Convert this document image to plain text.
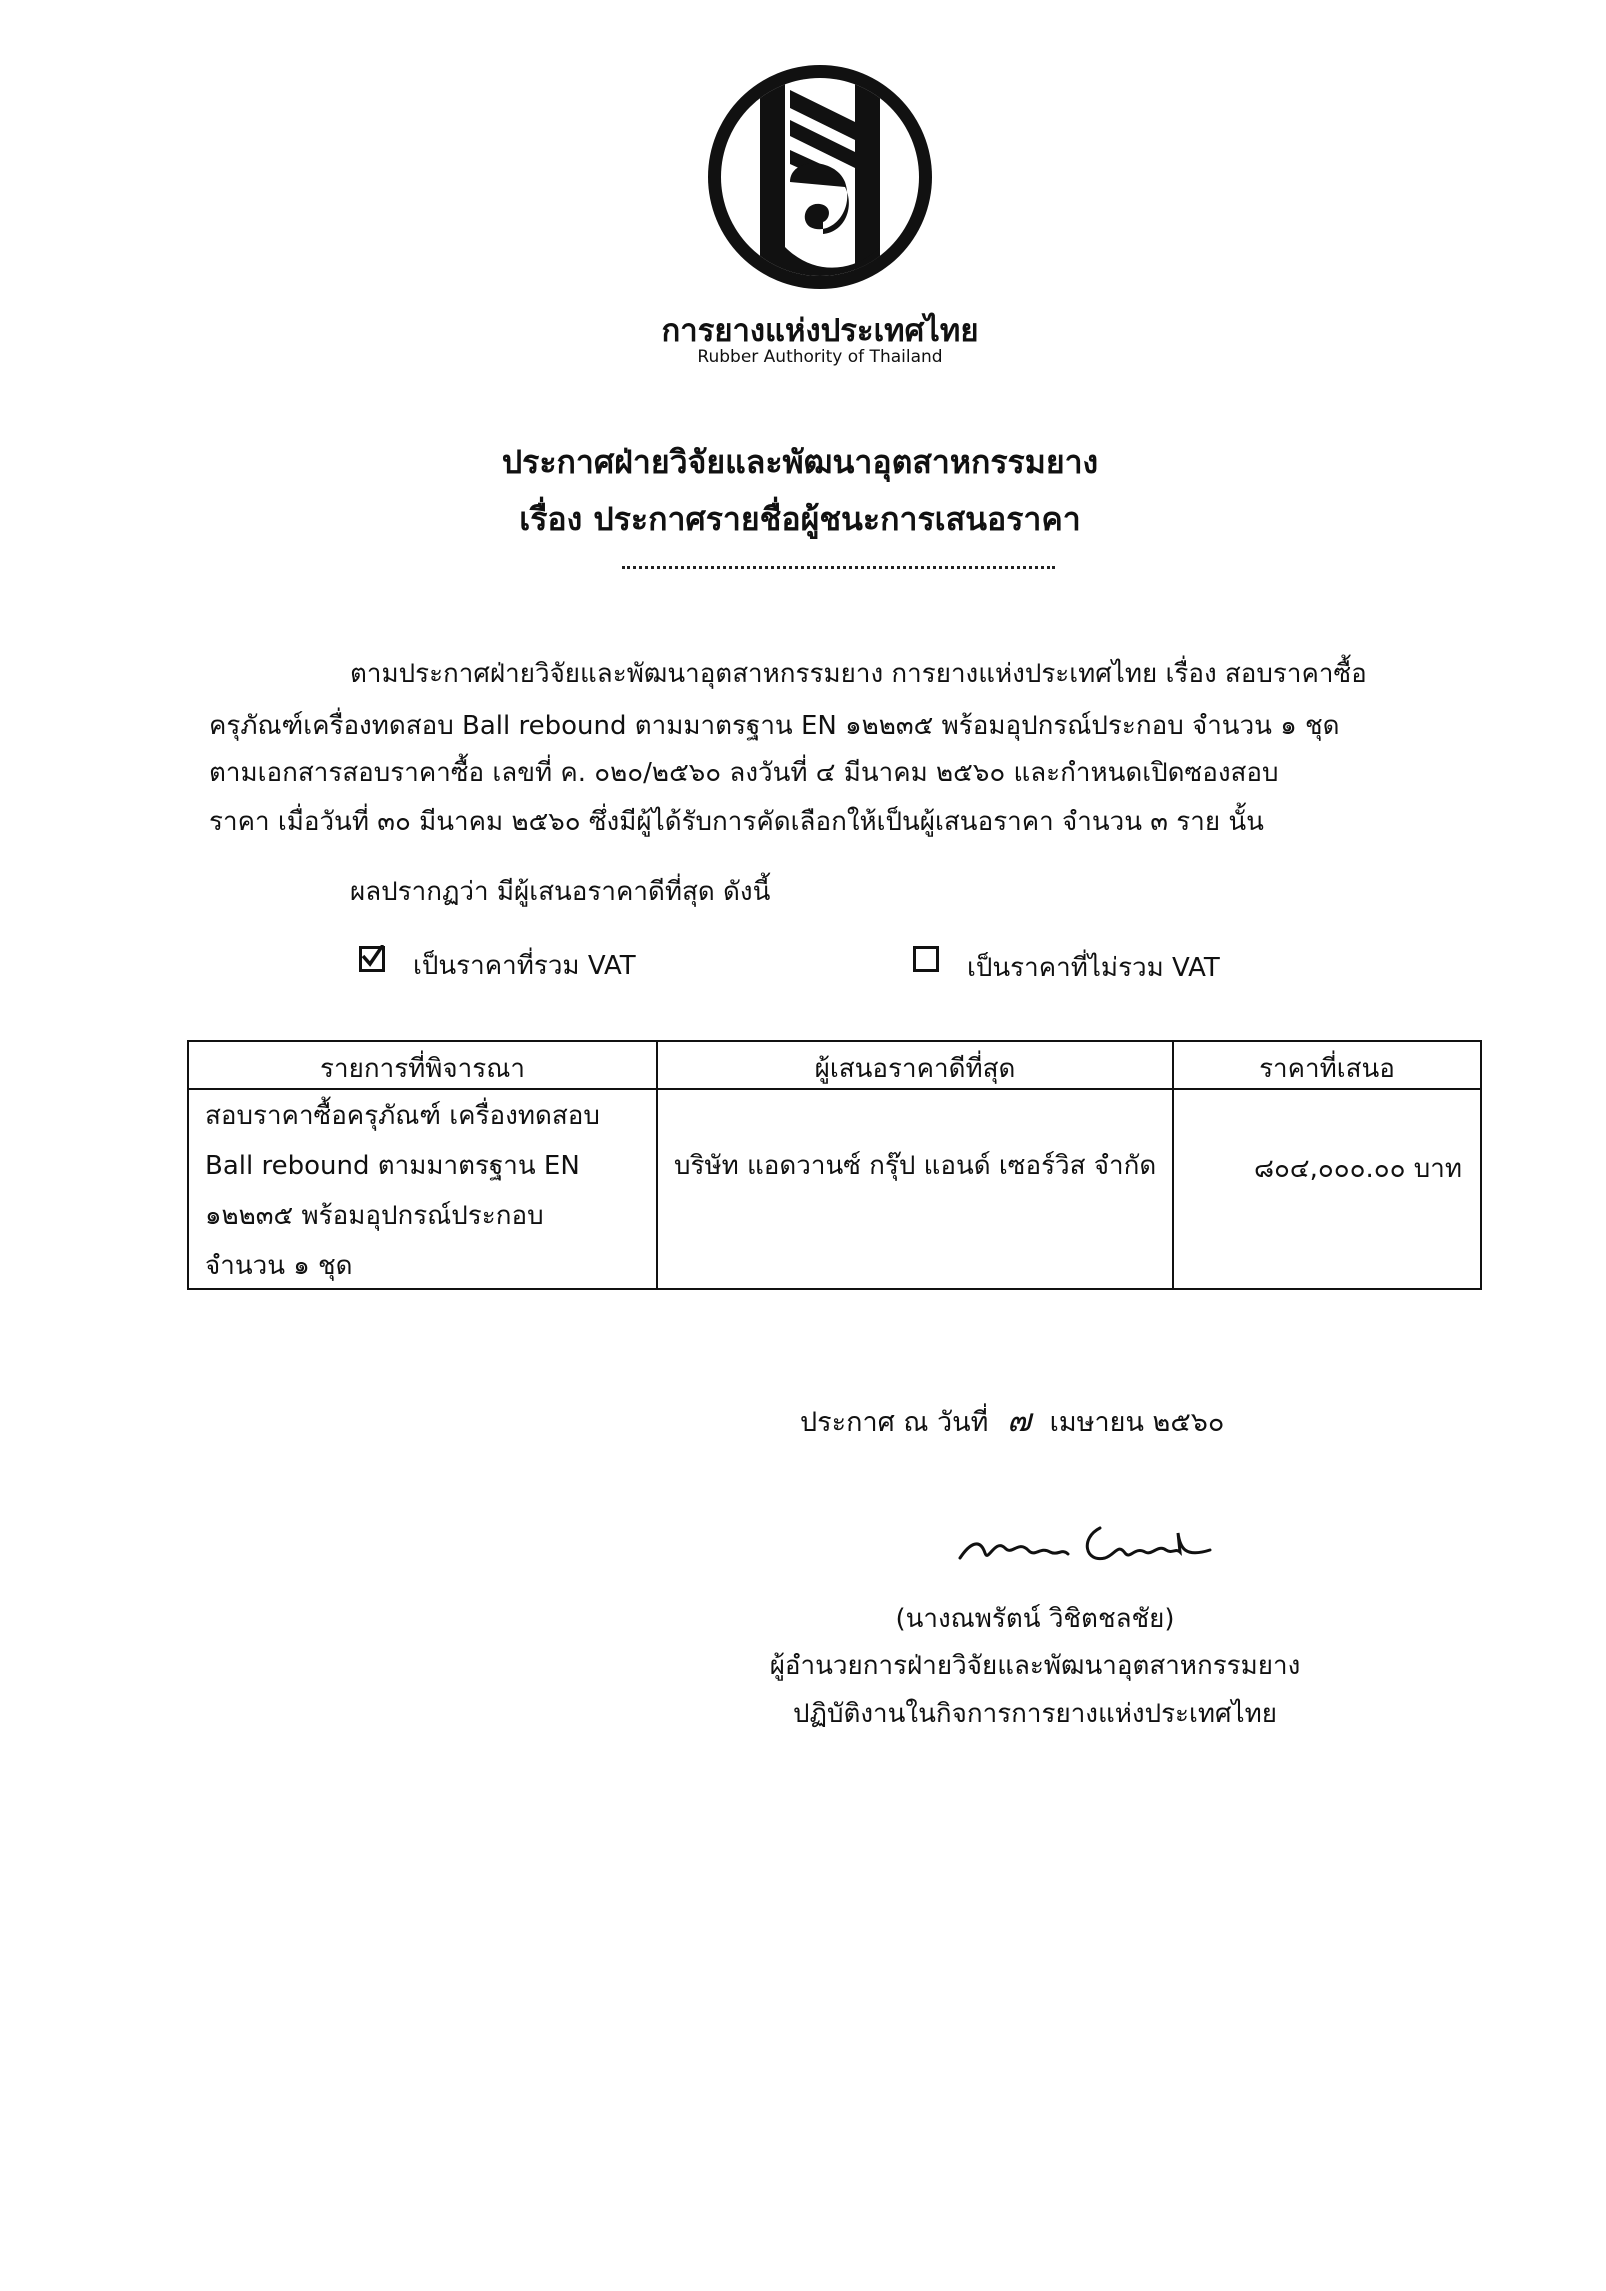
การยางแห่งประเทศไทย
Rubber Authority of Thailand
ประกาศฝ่ายวิจัยและพัฒนาอุตสาหกรรมยาง
เรื่อง ประกาศรายชื่อผู้ชนะการเสนอราคา
ตามประกาศฝ่ายวิจัยและพัฒนาอุตสาหกรรมยาง การยางแห่งประเทศไทย เรื่อง สอบราคาซื้อ
ครุภัณฑ์เครื่องทดสอบ Ball rebound ตามมาตรฐาน EN ๑๒๒๓๕ พร้อมอุปกรณ์ประกอบ จำนวน ๑ ชุด
ตามเอกสารสอบราคาซื้อ เลขที่ ค. ๐๒๐/๒๕๖๐ ลงวันที่ ๔ มีนาคม ๒๕๖๐ และกำหนดเปิดซองสอบ
ราคา เมื่อวันที่ ๓๐ มีนาคม ๒๕๖๐ ซึ่งมีผู้ได้รับการคัดเลือกให้เป็นผู้เสนอราคา จำนวน ๓ ราย นั้น
ผลปรากฏว่า มีผู้เสนอราคาดีที่สุด ดังนี้
เป็นราคาที่รวม VAT	เป็นราคาที่ไม่รวม VAT
รายการที่พิจารณา	ผู้เสนอราคาดีที่สุด	ราคาที่เสนอ
สอบราคาซื้อครุภัณฑ์ เครื่องทดสอบ
Ball rebound ตามมาตรฐาน EN
๑๒๒๓๕ พร้อมอุปกรณ์ประกอบ
จำนวน ๑ ชุด
บริษัท แอดวานซ์ กรุ๊ป แอนด์ เซอร์วิส จำกัด	๘๐๔,๐๐๐.๐๐ บาท
ประกาศ ณ วันที่ ๗ เมษายน ๒๕๖๐
(นางณพรัตน์ วิชิตชลชัย)
ผู้อำนวยการฝ่ายวิจัยและพัฒนาอุตสาหกรรมยาง
ปฏิบัติงานในกิจการการยางแห่งประเทศไทย
